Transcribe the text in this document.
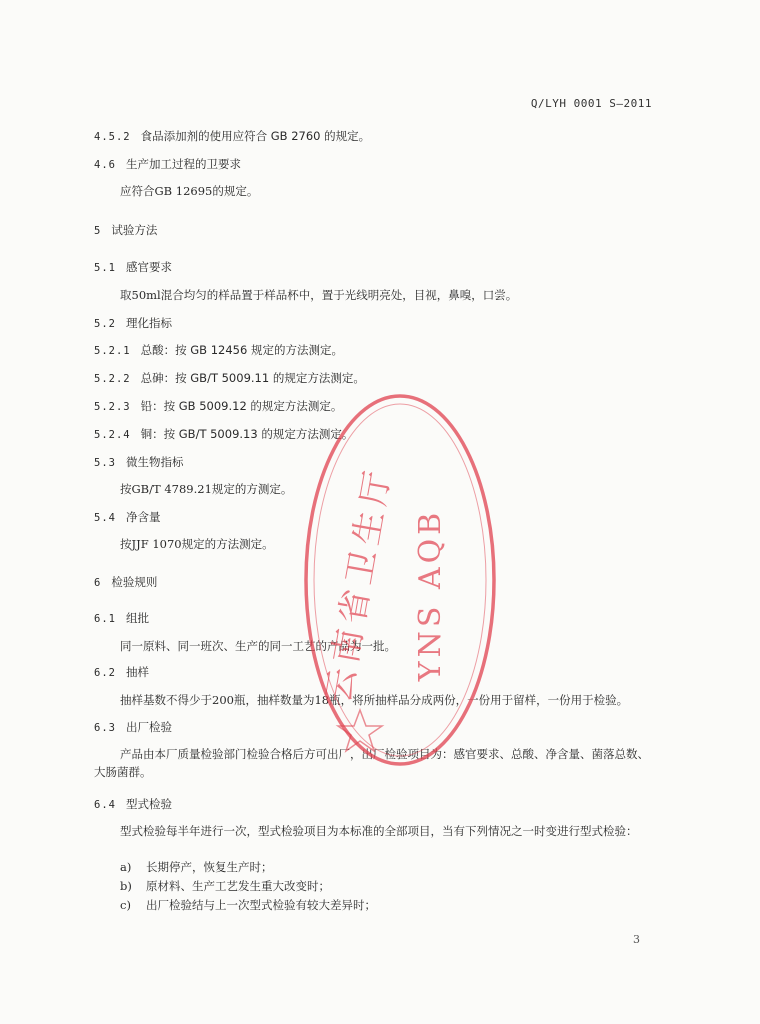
Q/LYH 0001 S—2011
4.5.2 食品添加剂的使用应符合 GB 2760 的规定。
4.6 生产加工过程的卫要求
应符合GB 12695的规定。
5 试验方法
5.1 感官要求
取50ml混合均匀的样品置于样品杯中，置于光线明亮处，目视，鼻嗅，口尝。
5.2 理化指标
5.2.1 总酸：按 GB 12456 规定的方法测定。
5.2.2 总砷：按 GB/T 5009.11 的规定方法测定。
5.2.3 铅：按 GB 5009.12 的规定方法测定。
5.2.4 铜：按 GB/T 5009.13 的规定方法测定。
5.3 微生物指标
按GB/T 4789.21规定的方测定。
5.4 净含量
按JJF 1070规定的方法测定。
6 检验规则
6.1 组批
同一原料、同一班次、生产的同一工艺的产品为一批。
6.2 抽样
抽样基数不得少于200瓶，抽样数量为18瓶，将所抽样品分成两份，一份用于留样，一份用于检验。
6.3 出厂检验
产品由本厂质量检验部门检验合格后方可出厂，出厂检验项目为：感官要求、总酸、净含量、菌落总数、大肠菌群。
6.4 型式检验
型式检验每半年进行一次，型式检验项目为本标准的全部项目，当有下列情况之一时变进行型式检验：
a) 长期停产，恢复生产时；
b) 原材料、生产工艺发生重大改变时；
c) 出厂检验结与上一次型式检验有较大差异时；
云南省卫生厅 YNS AQB
3
